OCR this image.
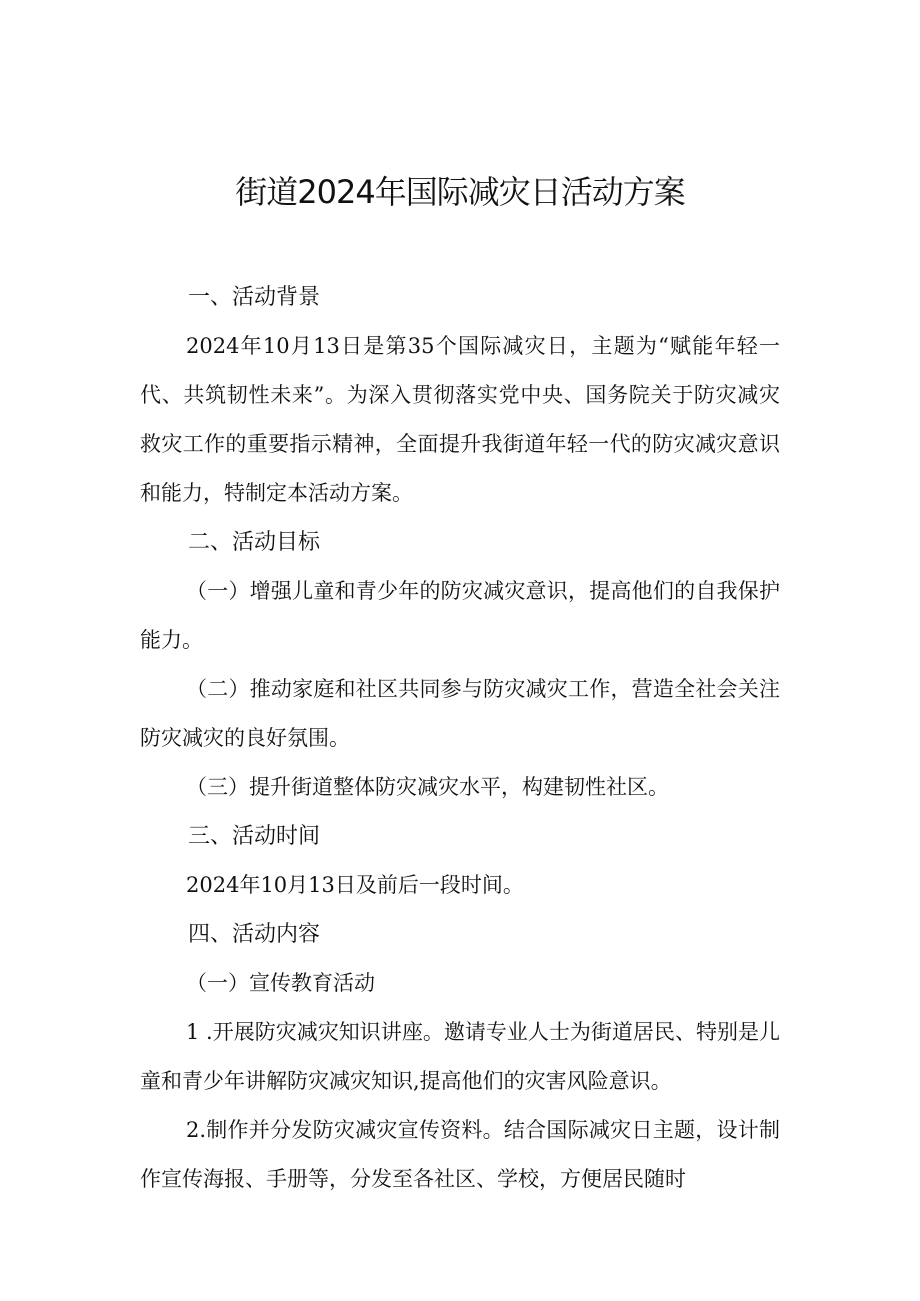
街道2024年国际减灾日活动方案
一、活动背景

2024年10月13日是第35个国际减灾日，主题为“赋能年轻一代、共筑韧性未来”。为深入贯彻落实党中央、国务院关于防灾减灾救灾工作的重要指示精神，全面提升我街道年轻一代的防灾减灾意识和能力，特制定本活动方案。

二、活动目标

（一）增强儿童和青少年的防灾减灾意识，提高他们的自我保护能力。

（二）推动家庭和社区共同参与防灾减灾工作，营造全社会关注防灾减灾的良好氛围。

（三）提升街道整体防灾减灾水平，构建韧性社区。

三、活动时间

2024年10月13日及前后一段时间。

四、活动内容

（一）宣传教育活动

1 .开展防灾减灾知识讲座。邀请专业人士为街道居民、特别是儿童和青少年讲解防灾减灾知识,提高他们的灾害风险意识。

2.制作并分发防灾减灾宣传资料。结合国际减灾日主题，设计制作宣传海报、手册等，分发至各社区、学校，方便居民随时
